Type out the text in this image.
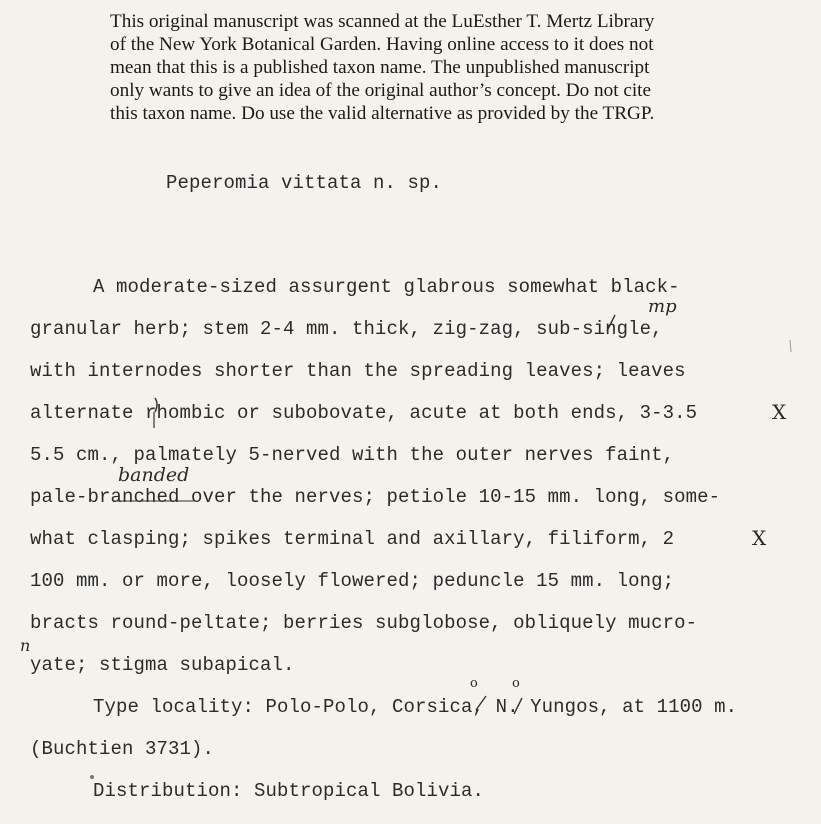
This original manuscript was scanned at the LuEsther T. Mertz Library
of the New York Botanical Garden. Having online access to it does not
mean that this is a published taxon name. The unpublished manuscript
only wants to give an idea of the original author’s concept. Do not cite
this taxon name. Do use the valid alternative as provided by the TRGP.
Peperomia vittata n. sp.
A moderate-sized assurgent glabrous somewhat black-
granular herb; stem 2-4 mm. thick, zig-zag, sub-single,
with internodes shorter than the spreading leaves; leaves
alternate rhombic or subobovate, acute at both ends, 3-3.5
5.5 cm., palmately 5-nerved with the outer nerves faint,
pale-branched over the nerves; petiole 10-15 mm. long, some-
what clasping; spikes terminal and axillary, filiform, 2
100 mm. or more, loosely flowered; peduncle 15 mm. long;
bracts round-peltate; berries subglobose, obliquely mucro-
yate; stigma subapical.
Type locality: Polo-Polo, Corsica, N. Yungos, at 1100 m.
(Buchtien 3731).
Distribution: Subtropical Bolivia.
mp
X
banded
X
n
o	o
